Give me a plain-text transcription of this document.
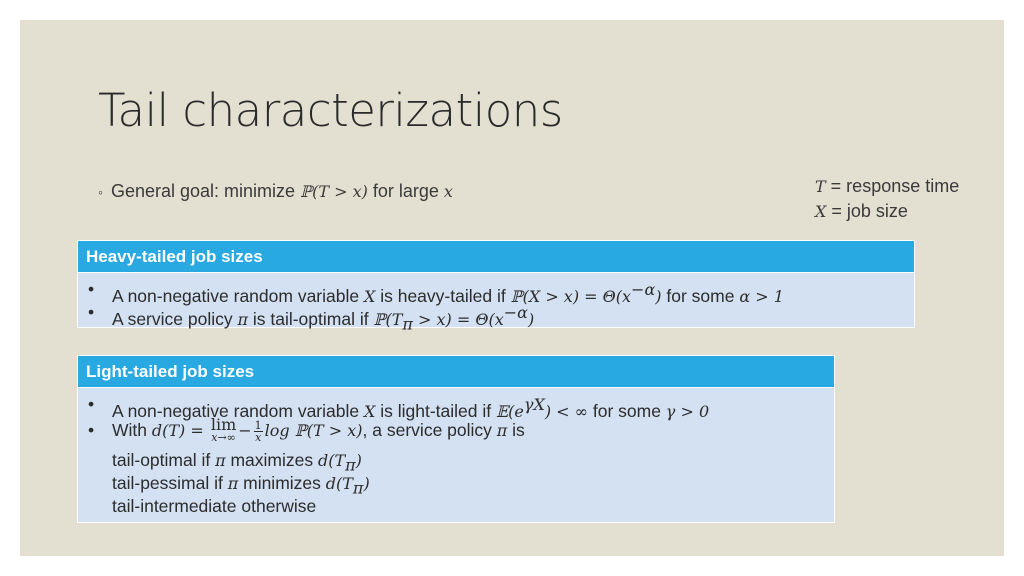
Tail characterizations
◦ General goal: minimize ℙ(T > x) for large x	T = response time
X = job size
Heavy-tailed job sizes
•	A non-negative random variable X is heavy-tailed if ℙ(X > $x) = \Theta(x^{-\alpha})$ for some α > 1
•	A service policy π is tail-optimal if $ℙ(T_\pi > x) = \Theta(x^{-\alpha})$
Light-tailed job sizes
•	A non-negative random variable X is light-tailed if $𝔼(e^{\gamma X})$ < ∞ for some γ > 0
•	With d(T) = lim
$x\to\infty - \frac{1}{x}$ log ℙ(T > x), a service policy π is
tail-optimal if π maximizes $d(T_\pi)$
tail-pessimal if π minimizes $d(T_\pi)$
tail-intermediate otherwise
